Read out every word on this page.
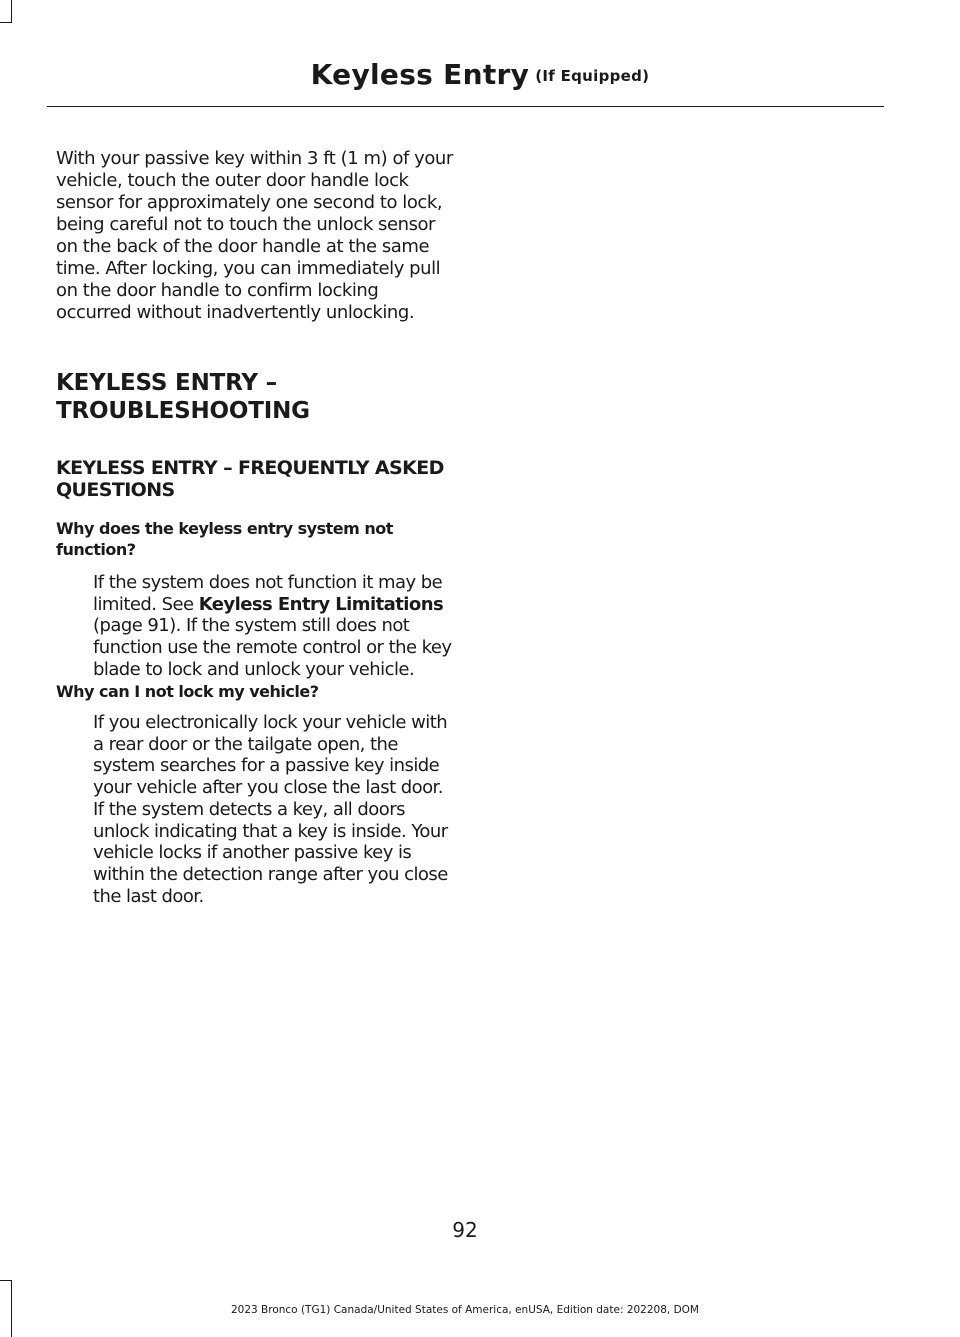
Keyless Entry $^{(If Equipped)}$

With your passive key within 3 ft (1 m) of your vehicle, touch the outer door handle lock sensor for approximately one second to lock, being careful not to touch the unlock sensor on the back of the door handle at the same time. After locking, you can immediately pull on the door handle to confirm locking occurred without inadvertently unlocking.

KEYLESS ENTRY –
TROUBLESHOOTING

KEYLESS ENTRY – FREQUENTLY ASKED QUESTIONS

Why does the keyless entry system not function?

If the system does not function it may be limited. See Keyless Entry Limitations (page 91). If the system still does not function use the remote control or the key blade to lock and unlock your vehicle.

Why can I not lock my vehicle?

If you electronically lock your vehicle with a rear door or the tailgate open, the system searches for a passive key inside your vehicle after you close the last door. If the system detects a key, all doors unlock indicating that a key is inside. Your vehicle locks if another passive key is within the detection range after you close the last door.

92
2023 Bronco (TG1) Canada/United States of America, enUSA, Edition date: 202208, DOM
